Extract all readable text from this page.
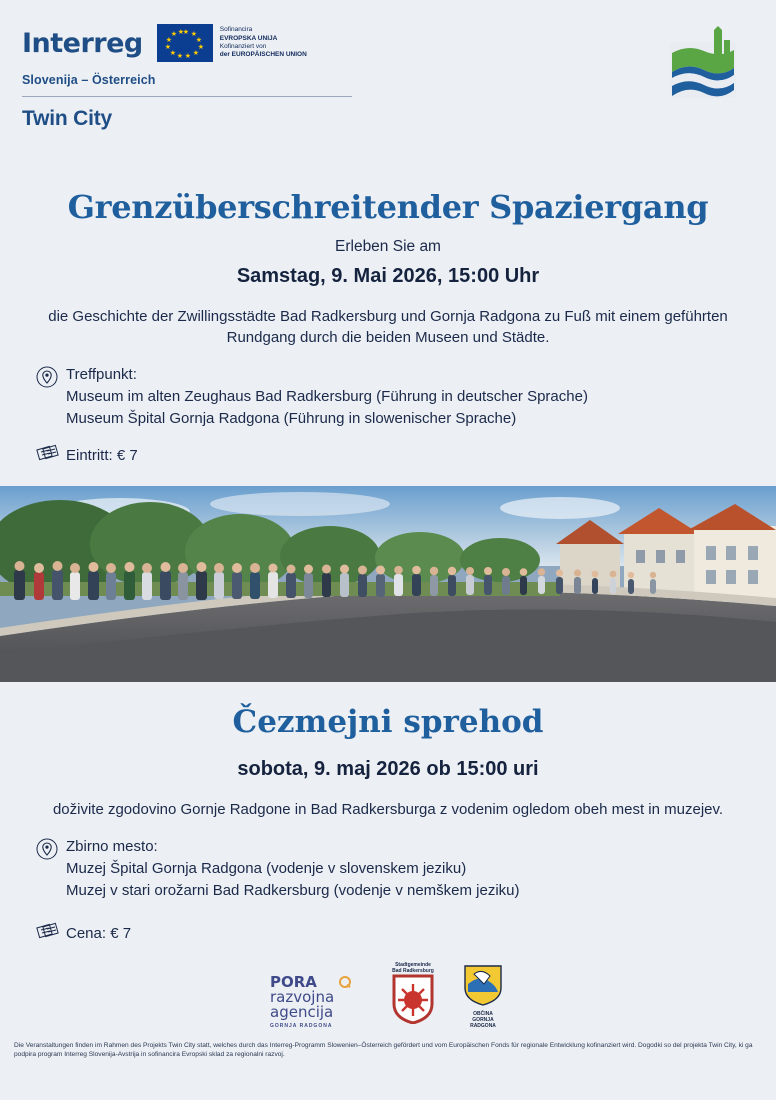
Interreg	★ ★
★
★
★
★
★
★
★
★
★ ★	Sofinancira
EVROPSKA UNIJA
Kofinanziert von
der EUROPÄISCHEN UNION
Slovenija – Österreich
Twin City
Grenzüberschreitender Spaziergang
Erleben Sie am
Samstag, 9. Mai 2026, 15:00 Uhr
die Geschichte der Zwillingsstädte Bad Radkersburg und Gornja Radgona zu Fuß mit einem geführten Rundgang durch die beiden Museen und Städte.
Treffpunkt:
Museum im alten Zeughaus Bad Radkersburg (Führung in deutscher Sprache)
Museum Špital Gornja Radgona (Führung in slowenischer Sprache)
Eintritt: € 7
Čezmejni sprehod
sobota, 9. maj 2026 ob 15:00 uri
doživite zgodovino Gornje Radgone in Bad Radkersburga z vodenim ogledom obeh mest in muzejev.
Zbirno mesto:
Muzej Špital Gornja Radgona (vodenje v slovenskem jeziku)
Muzej v stari orožarni Bad Radkersburg (vodenje v nemškem jeziku)
Cena: € 7
PORA
razvojna
agencija
GORNJA RADGONA
Stadtgemeinde
Bad Radkersburg
OBČINA
GORNJA RADGONA
Die Veranstaltungen finden im Rahmen des Projekts Twin City statt, welches durch das Interreg-Programm Slowenien–Österreich gefördert und vom Europäischen Fonds für regionale Entwicklung kofinanziert wird. Dogodki so del projekta Twin City, ki ga podpira program Interreg Slovenija-Avstrija in sofinancira Evropski sklad za regionalni razvoj.
